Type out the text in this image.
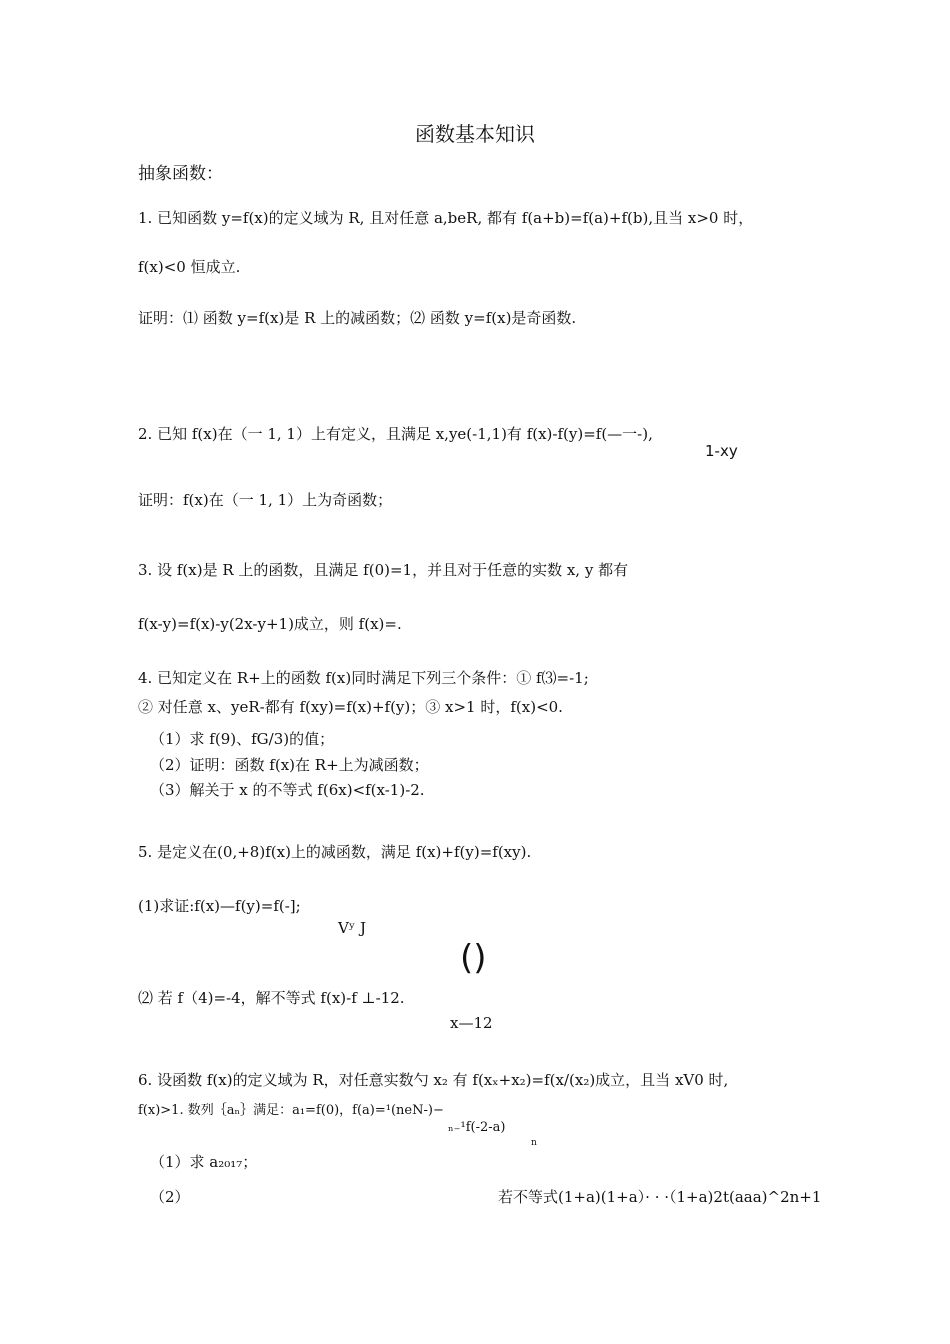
函数基本知识
抽象函数：
1. 已知函数 y=f(x)的定义域为 R, 且对任意 a,beR, 都有 f(a+b)=f(a)+f(b),且当 x>0 时，
f(x)<0 恒成立.
证明：⑴ 函数 y=f(x)是 R 上的减函数；⑵ 函数 y=f(x)是奇函数.
2. 已知 f(x)在（一 1, 1）上有定义，且满足 x,ye(-1,1)有 f(x)-f(y)=f(—一-),
1-xy
证明：f(x)在（一 1, 1）上为奇函数；
3. 设 f(x)是 R 上的函数，且满足 f(0)=1，并且对于任意的实数 x, y 都有
f(x-y)=f(x)-y(2x-y+1)成立，则 f(x)=.
4. 已知定义在 R+上的函数 f(x)同时满足下列三个条件：① f⑶=-1;
② 对任意 x、yeR-都有 f(xy)=f(x)+f(y)；③ x>1 时，f(x)<0.
（1）求 f(9)、fG/3)的值；
（2）证明：函数 f(x)在 R+上为减函数；
（3）解关于 x 的不等式 f(6x)<f(x-1)-2.
5. 是定义在(0,+8)f(x)上的减函数，满足 f(x)+f(y)=f(xy).
(1)求证:f(x)—f(y)=f(-];
Vʸ J
()
⑵ 若 f（4)=-4，解不等式 f(x)-f ⊥-12.
x—12
6. 设函数 f(x)的定义域为 R，对任意实数勺 x₂ 有 f(xₓ+x₂)=f(x/(x₂)成立，且当 xV0 时,
f(x)>1. 数列｛aₙ｝满足：a₁=f(0)，f(a)=¹(neN-)−
ₙ₋¹f(-2-a)
n
（1）求 a₂₀₁₇；
（2）	若不等式(1+a)(1+a）· · ·（1+a)2t(aaa)^2n+1
